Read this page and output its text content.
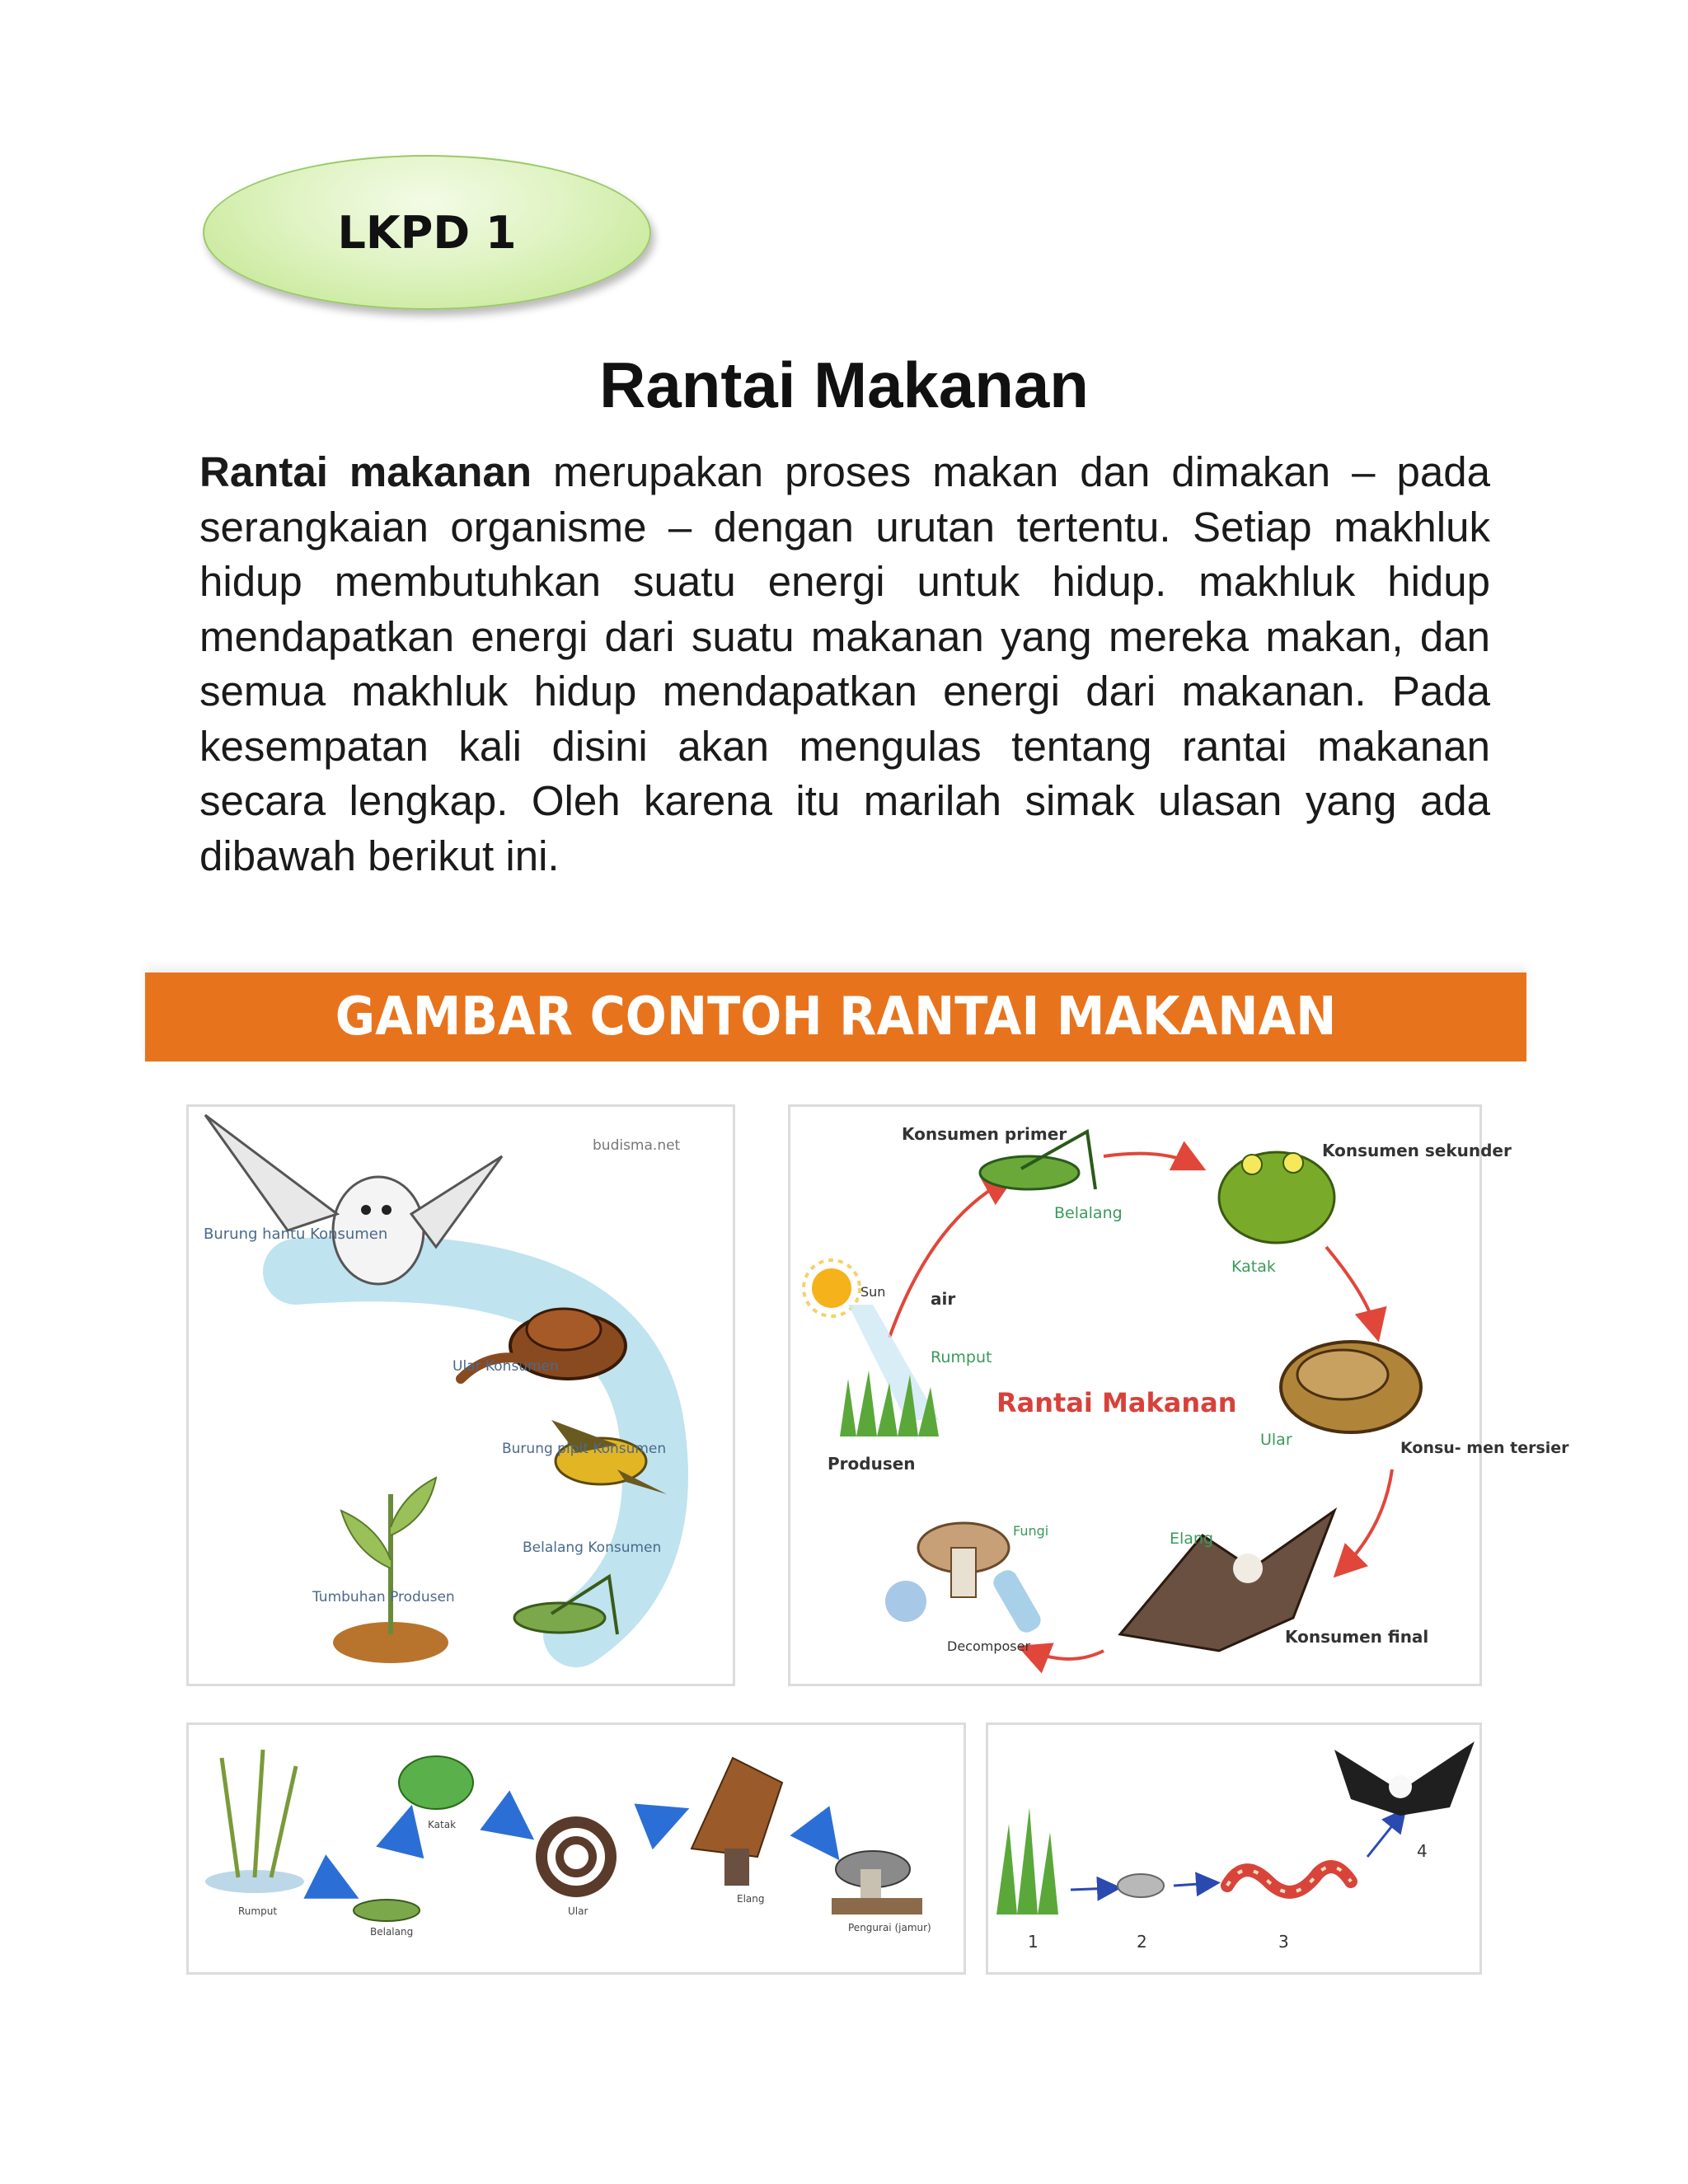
LKPD 1
Rantai Makanan

Rantai makanan merupakan proses makan dan dimakan – pada serangkaian organisme – dengan urutan tertentu. Setiap makhluk hidup membutuhkan suatu energi untuk hidup. makhluk hidup mendapatkan energi dari suatu makanan yang mereka makan, dan semua makhluk hidup mendapatkan energi dari makanan. Pada kesempatan kali disini akan mengulas tentang rantai makanan secara lengkap. Oleh karena itu marilah simak ulasan yang ada dibawah berikut ini.

GAMBAR CONTOH RANTAI MAKANAN
Burung hantu Konsumen
budisma.net
Ular Konsumen
Burung pipit Konsumen
Tumbuhan Produsen
Belalang Konsumen
Sun	air
Rumput
Produsen
Konsumen primer
Belalang
Konsumen sekunder
Katak
Rantai Makanan
Ular	Konsu- men tersier
Fungi
Decomposer
Elang
Konsumen final
Rumput
Belalang
Katak
Ular
Elang
Pengurai (jamur)
1	2	3
4
